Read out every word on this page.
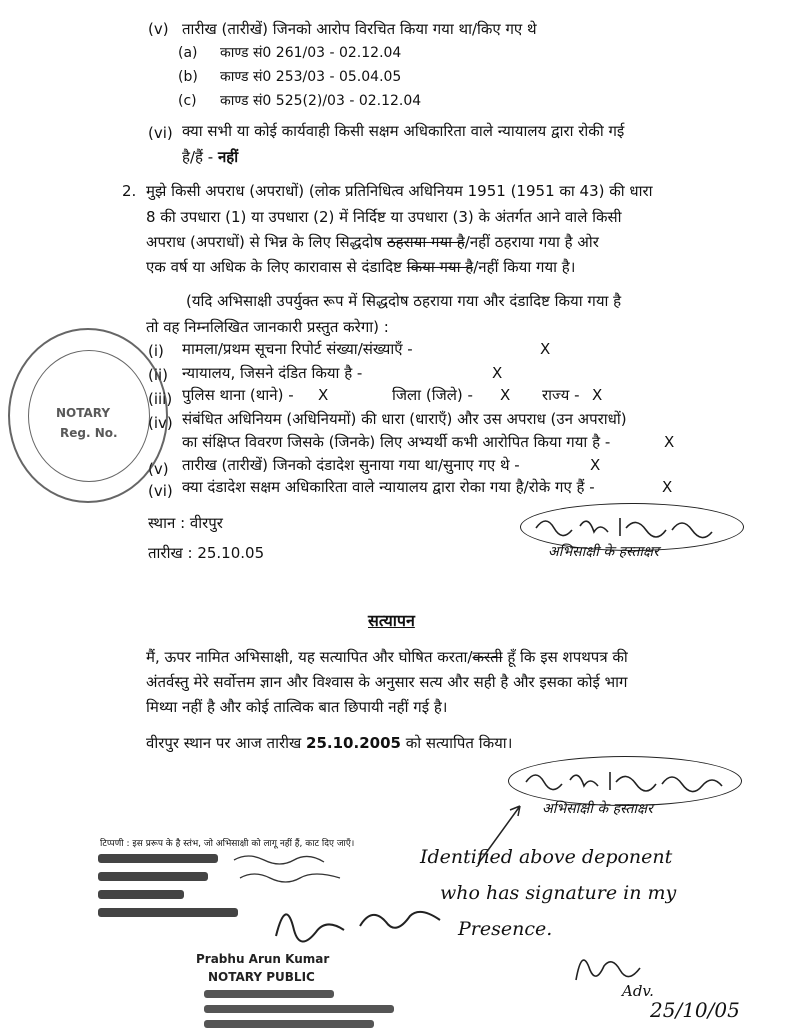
(v) तारीख (तारीखें) जिनको आरोप विरचित किया गया था/किए गए थे
(a) काण्ड सं0 261/03 - 02.12.04
(b) काण्ड सं0 253/03 - 05.04.05
(c) काण्ड सं0 525(2)/03 - 02.12.04
(vi) क्या सभी या कोई कार्यवाही किसी सक्षम अधिकारिता वाले न्यायालय द्वारा रोकी गई
है/हैं - नहीं
2. मुझे किसी अपराध (अपराधों) (लोक प्रतिनिधित्व अधिनियम 1951 (1951 का 43) की धारा
8 की उपधारा (1) या उपधारा (2) में निर्दिष्ट या उपधारा (3) के अंतर्गत आने वाले किसी
अपराध (अपराधों) से भिन्न के लिए सिद्धदोष ठहराया गया है/नहीं ठहराया गया है ओर
एक वर्ष या अधिक के लिए कारावास से दंडादिष्ट किया गया है/नहीं किया गया है।
(यदि अभिसाक्षी उपर्युक्त रूप में सिद्धदोष ठहराया गया और दंडादिष्ट किया गया है
तो वह निम्नलिखित जानकारी प्रस्तुत करेगा) :
(i) मामला/प्रथम सूचना रिपोर्ट संख्या/संख्याएँ -	X
(ii) न्यायालय, जिसने दंडित किया है -	X
(iii) पुलिस थाना (थाने) - X	जिला (जिले) - X राज्य - X
(iv) संबंधित अधिनियम (अधिनियमों) की धारा (धाराएँ) और उस अपराध (उन अपराधों)
का संक्षिप्त विवरण जिसके (जिनके) लिए अभ्यर्थी कभी आरोपित किया गया है -	X
(v) तारीख (तारीखें) जिनको दंडादेश सुनाया गया था/सुनाए गए थे -	X
(vi) क्या दंडादेश सक्षम अधिकारिता वाले न्यायालय द्वारा रोका गया है/रोके गए हैं -	X
NOTARY
Reg. No.
स्थान : वीरपुर
तारीख : 25.10.05	अभिसाक्षी के हस्ताक्षर
सत्यापन
मैं, ऊपर नामित अभिसाक्षी, यह सत्यापित और घोषित करता/करती हूँ कि इस शपथपत्र की
अंतर्वस्तु मेरे सर्वोत्तम ज्ञान और विश्वास के अनुसार सत्य और सही है और इसका कोई भाग
मिथ्या नहीं है और कोई तात्विक बात छिपायी नहीं गई है।
वीरपुर स्थान पर आज तारीख 25.10.2005 को सत्यापित किया।
अभिसाक्षी के हस्ताक्षर
टिप्पणी : इस प्ररूप के है स्तंभ, जो अभिसाक्षी को लागू नहीं हैं, काट दिए जाएँ।
Prabhu Arun Kumar
NOTARY PUBLIC
Identified above deponent
who has signature in my
Presence.
Adv.
25/10/05
